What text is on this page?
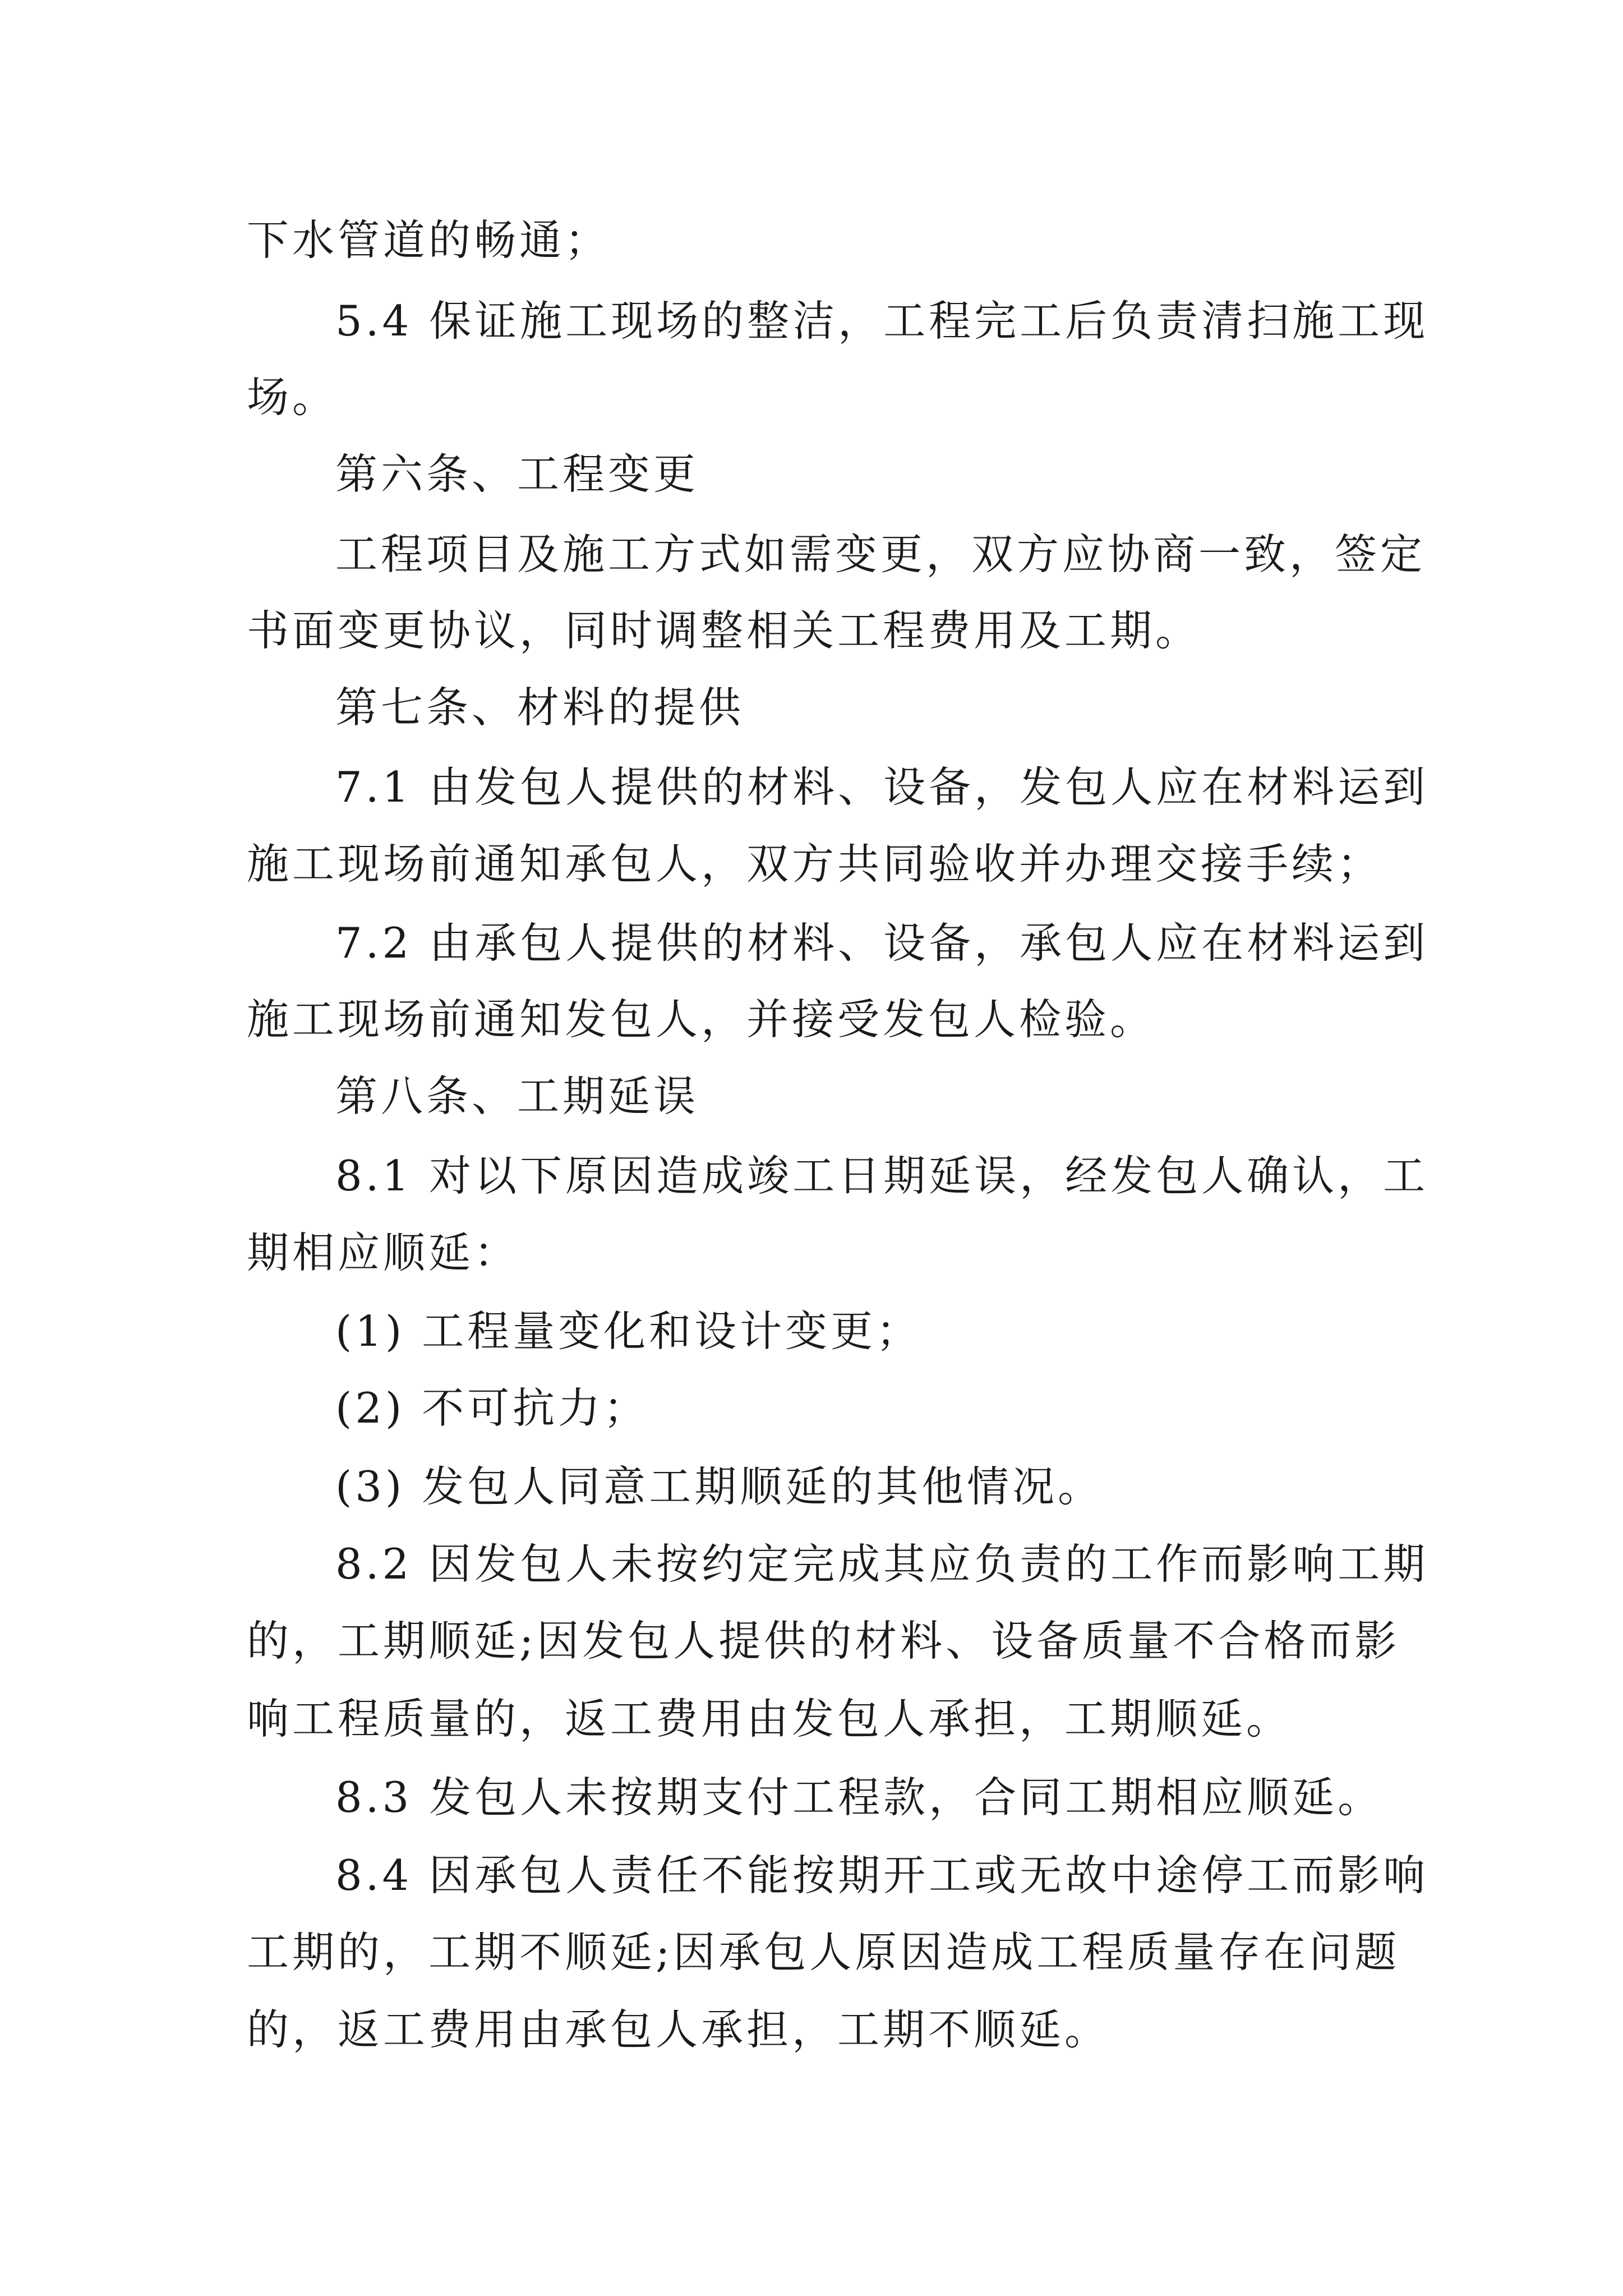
下水管道的畅通；
5.4 保证施工现场的整洁，工程完工后负责清扫施工现
场。
第六条、工程变更
工程项目及施工方式如需变更，双方应协商一致，签定
书面变更协议，同时调整相关工程费用及工期。
第七条、材料的提供
7.1 由发包人提供的材料、设备，发包人应在材料运到
施工现场前通知承包人，双方共同验收并办理交接手续；
7.2 由承包人提供的材料、设备，承包人应在材料运到
施工现场前通知发包人，并接受发包人检验。
第八条、工期延误
8.1 对以下原因造成竣工日期延误，经发包人确认，工
期相应顺延：
(1) 工程量变化和设计变更；
(2) 不可抗力；
(3) 发包人同意工期顺延的其他情况。
8.2 因发包人未按约定完成其应负责的工作而影响工期
的，工期顺延;因发包人提供的材料、设备质量不合格而影
响工程质量的，返工费用由发包人承担，工期顺延。
8.3 发包人未按期支付工程款，合同工期相应顺延。
8.4 因承包人责任不能按期开工或无故中途停工而影响
工期的，工期不顺延;因承包人原因造成工程质量存在问题
的，返工费用由承包人承担，工期不顺延。
